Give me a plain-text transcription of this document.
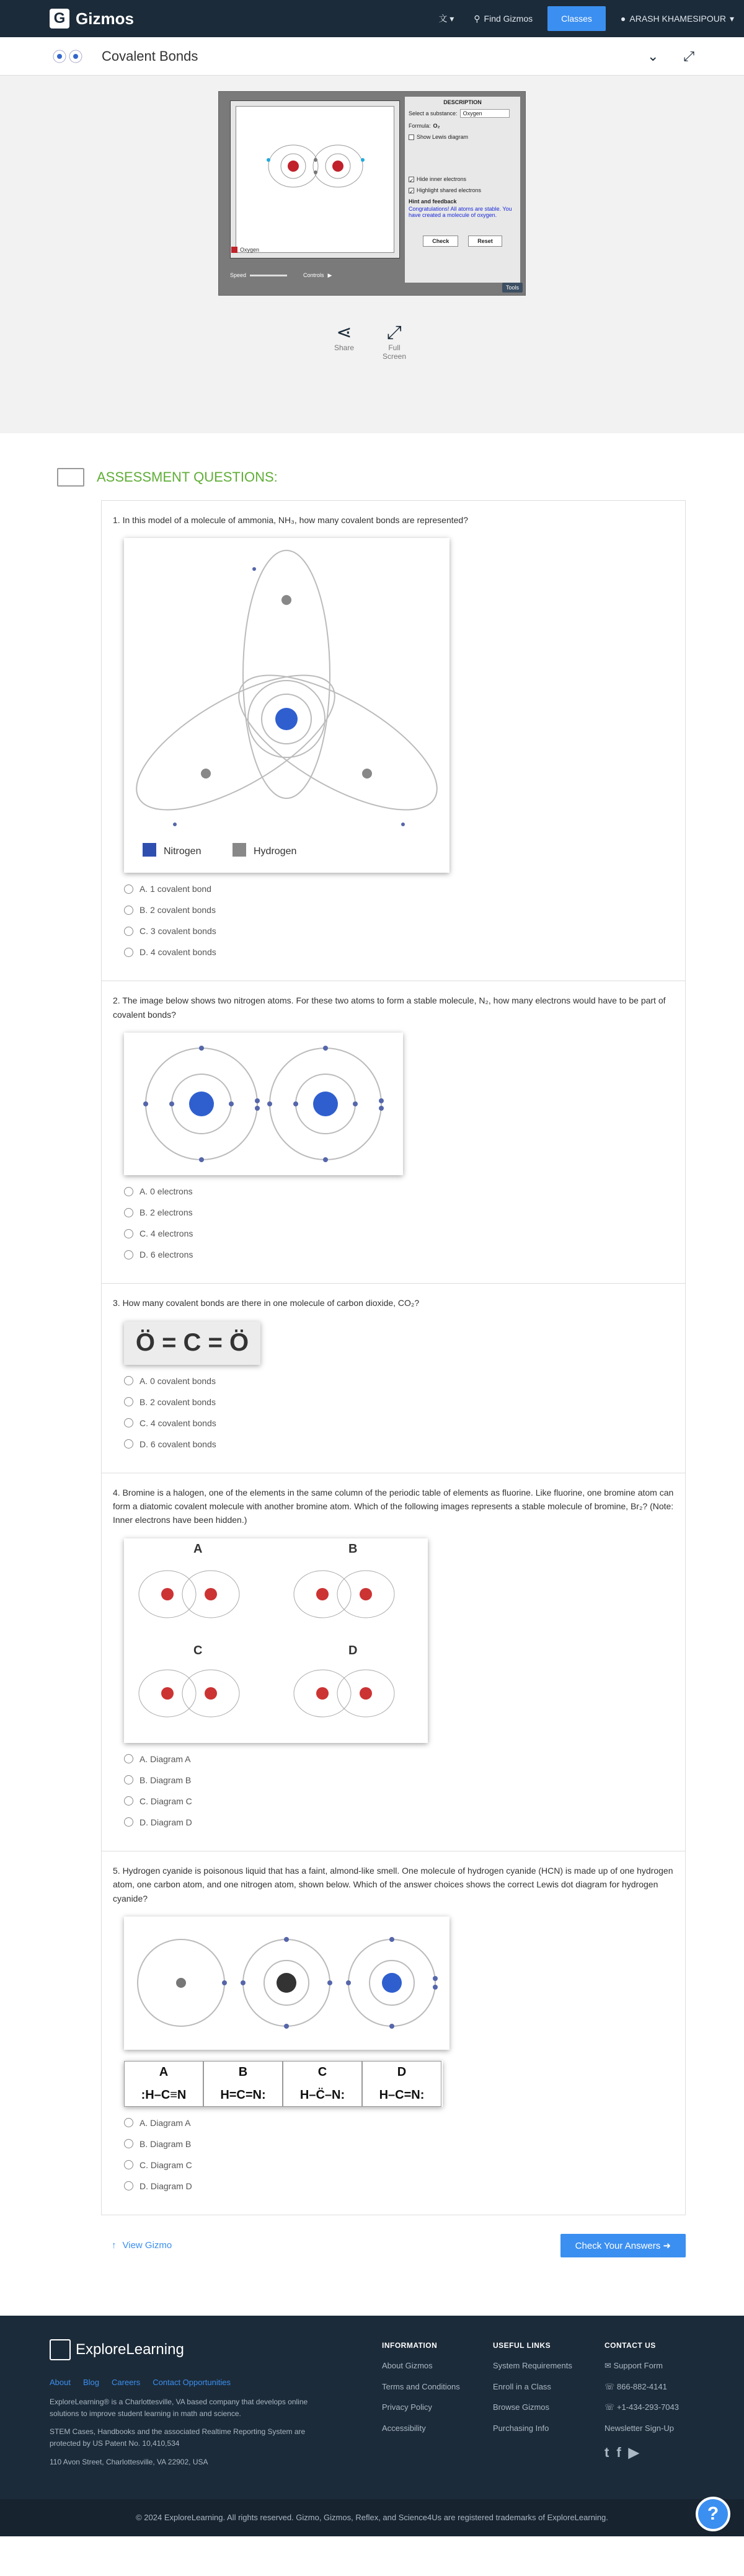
G Gizmos	文 ▾	⚲ Find Gizmos	Classes	● ARASH KHAMESIPOUR ▾
Covalent Bonds	⌄ ⤢
Oxygen
DESCRIPTION
Select a substance:	Oxygen
Formula: O₂
Show Lewis diagram
✓ Hide inner electrons
✓ Highlight shared electrons
Hint and feedback
Congratulations! All atoms are stable. You have created a molecule of oxygen.
Check	Reset
Speed	Controls ▶
Tools
⋖
Share
⤢
Full Screen
ASSESSMENT QUESTIONS:
1. In this model of a molecule of ammonia, NH₃, how many covalent bonds are represented?
Nitrogen	Hydrogen
A. 1 covalent bond
B. 2 covalent bonds
C. 3 covalent bonds
D. 4 covalent bonds
2. The image below shows two nitrogen atoms. For these two atoms to form a stable molecule, N₂, how many electrons would have to be part of covalent bonds?
A. 0 electrons
B. 2 electrons
C. 4 electrons
D. 6 electrons
3. How many covalent bonds are there in one molecule of carbon dioxide, CO₂?
Ö = C = Ö
A. 0 covalent bonds
B. 2 covalent bonds
C. 4 covalent bonds
D. 6 covalent bonds
4. Bromine is a halogen, one of the elements in the same column of the periodic table of elements as fluorine. Like fluorine, one bromine atom can form a diatomic covalent molecule with another bromine atom. Which of the following images represents a stable molecule of bromine, Br₂? (Note: Inner electrons have been hidden.)
A	B
C	D
A. Diagram A
B. Diagram B
C. Diagram C
D. Diagram D
5. Hydrogen cyanide is poisonous liquid that has a faint, almond-like smell. One molecule of hydrogen cyanide (HCN) is made up of one hydrogen atom, one carbon atom, and one nitrogen atom, shown below. Which of the answer choices shows the correct Lewis dot diagram for hydrogen cyanide?
A
:H–C≡N
B
H=C=N:
C
H–C̈–N:
D
H–C=N:
A. Diagram A
B. Diagram B
C. Diagram C
D. Diagram D
↑ View Gizmo	Check Your Answers ➜
ExploreLearning
About Blog Careers Contact Opportunities

ExploreLearning® is a Charlottesville, VA based company that develops online solutions to improve student learning in math and science.

STEM Cases, Handbooks and the associated Realtime Reporting System are protected by US Patent No. 10,410,534

110 Avon Street, Charlottesville, VA 22902, USA

INFORMATION
About Gizmos
Terms and Conditions
Privacy Policy
Accessibility
USEFUL LINKS
System Requirements
Enroll in a Class
Browse Gizmos
Purchasing Info
CONTACT US
✉ Support Form
☏ 866-882-4141
☏ +1-434-293-7043
Newsletter Sign-Up
t f ▶
© 2024 ExploreLearning. All rights reserved. Gizmo, Gizmos, Reflex, and Science4Us are registered trademarks of ExploreLearning.	?
